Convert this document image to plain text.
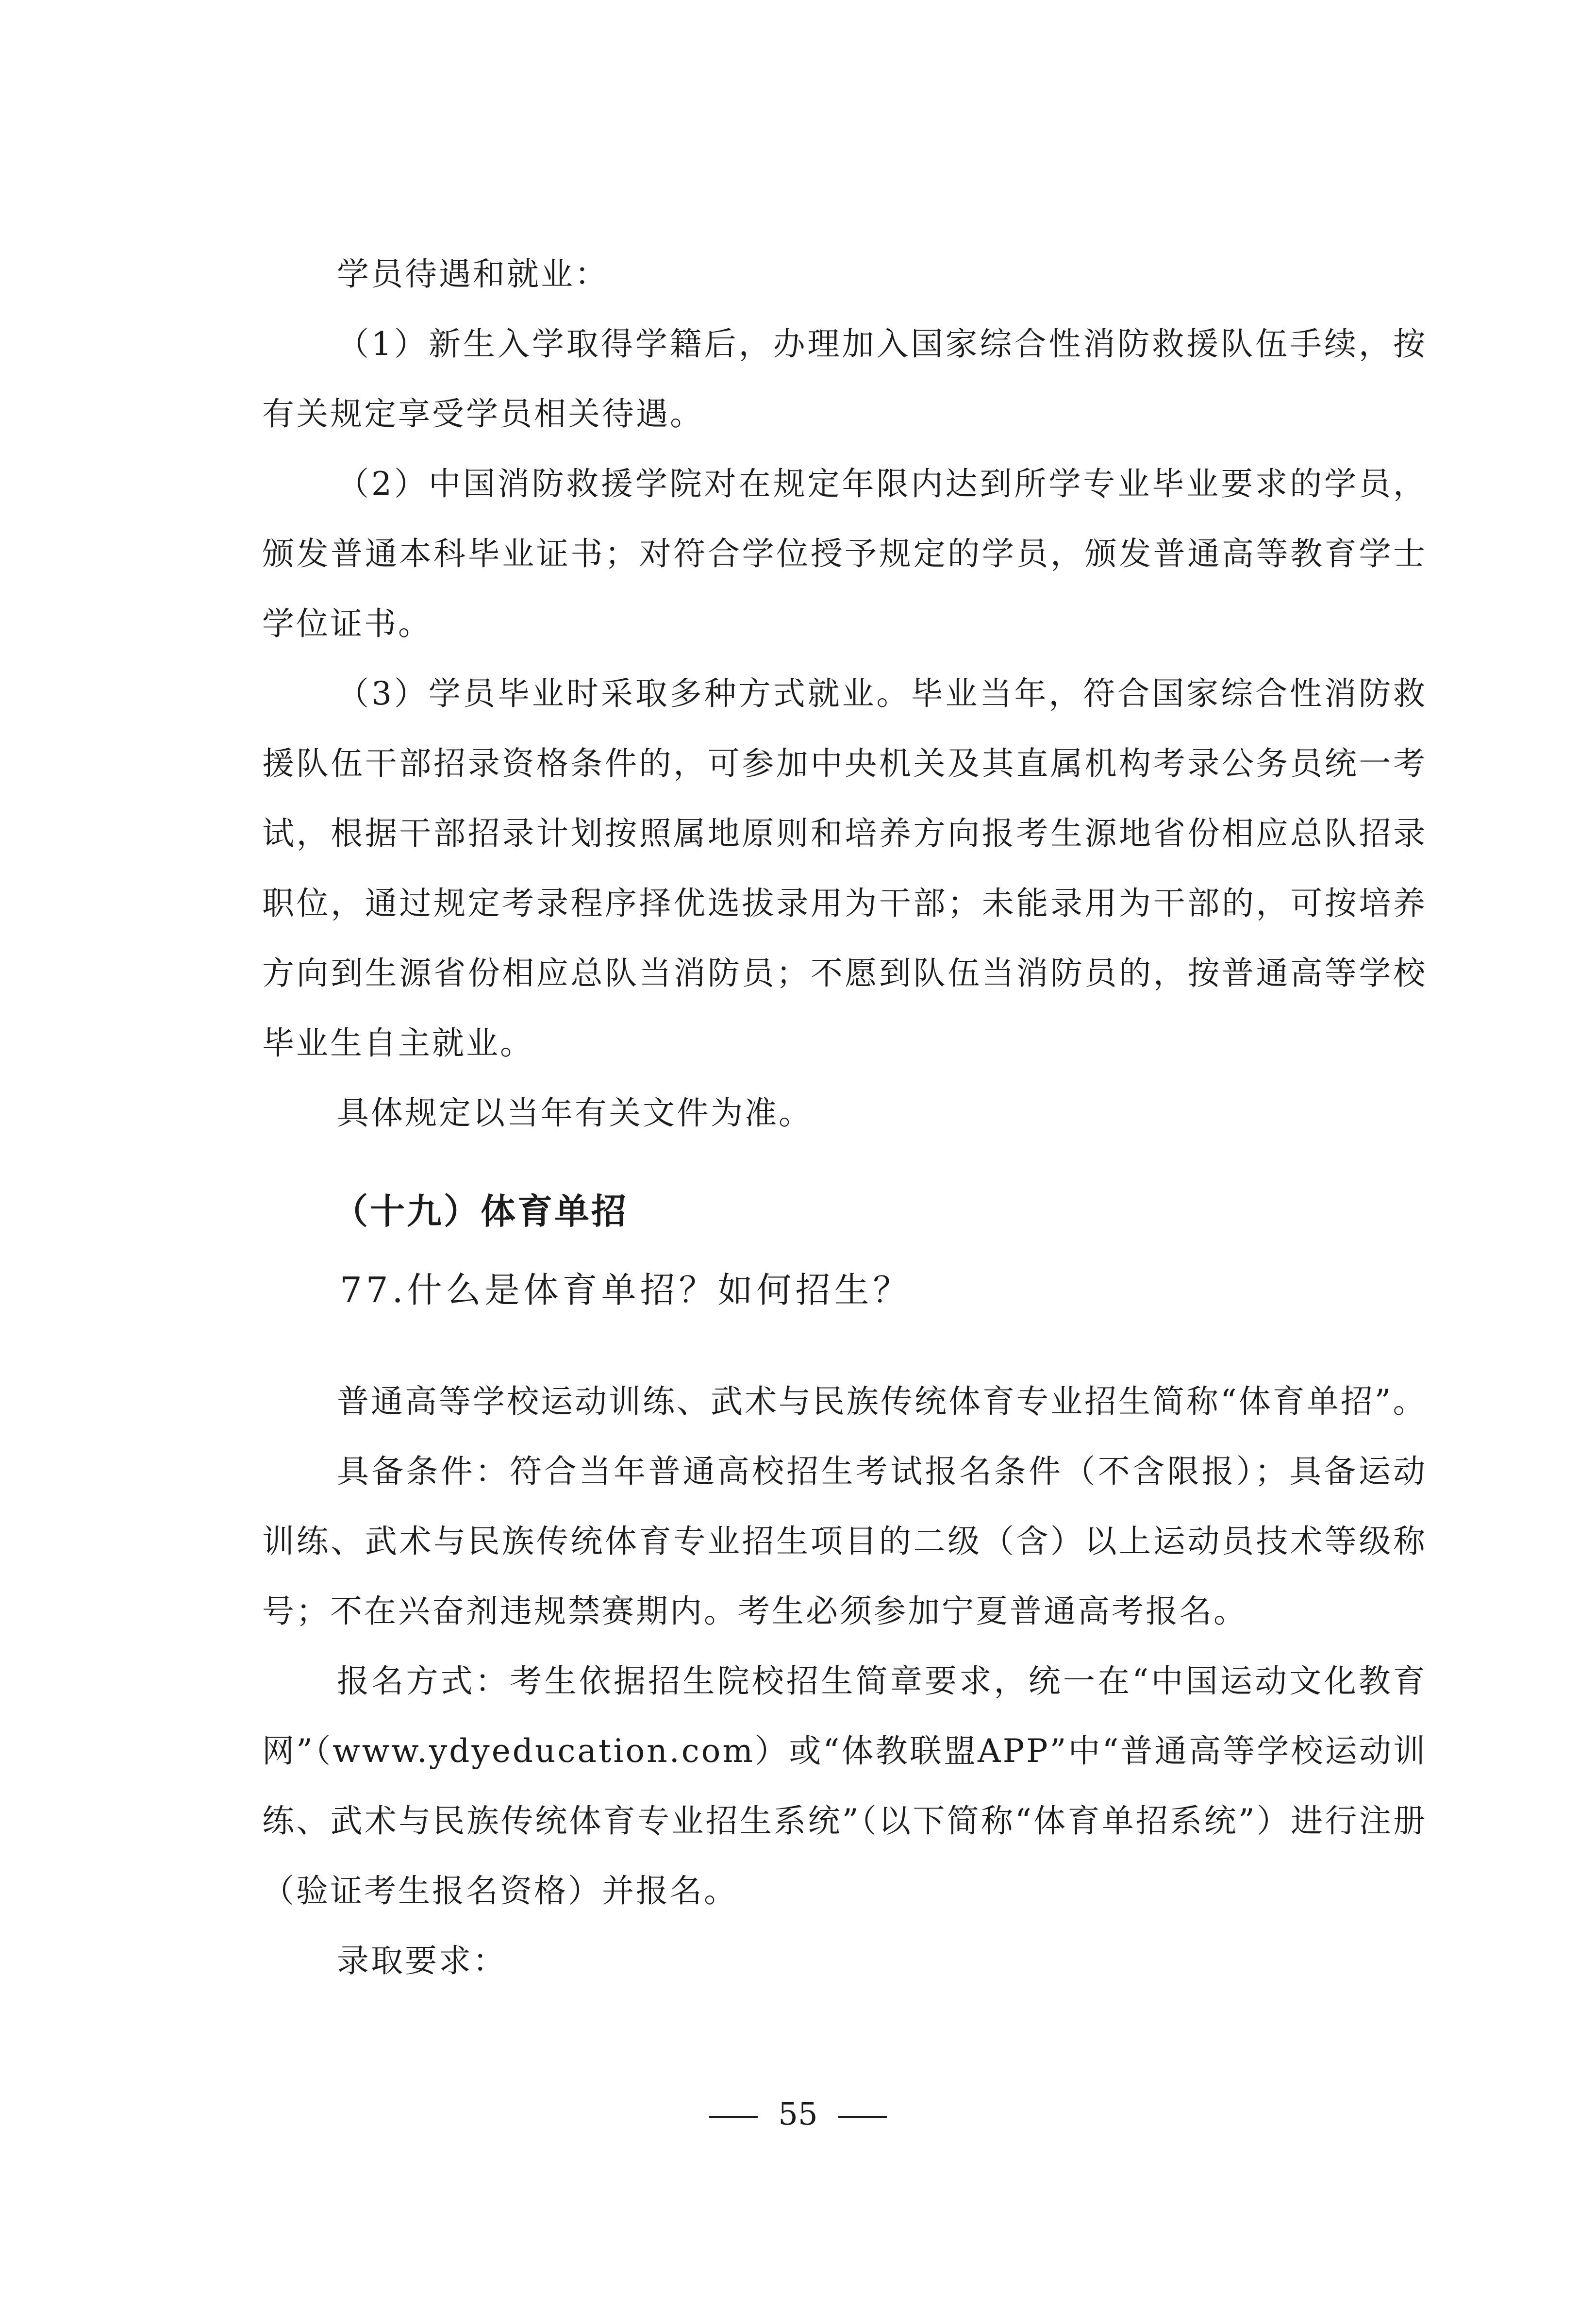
学员待遇和就业：

（1）新生入学取得学籍后，办理加入国家综合性消防救援队伍手续，按有关规定享受学员相关待遇。

（2）中国消防救援学院对在规定年限内达到所学专业毕业要求的学员，颁发普通本科毕业证书；对符合学位授予规定的学员，颁发普通高等教育学士学位证书。

（3）学员毕业时采取多种方式就业。毕业当年，符合国家综合性消防救援队伍干部招录资格条件的，可参加中央机关及其直属机构考录公务员统一考试，根据干部招录计划按照属地原则和培养方向报考生源地省份相应总队招录职位，通过规定考录程序择优选拔录用为干部；未能录用为干部的，可按培养方向到生源省份相应总队当消防员；不愿到队伍当消防员的，按普通高等学校毕业生自主就业。

具体规定以当年有关文件为准。

（十九）体育单招
77.什么是体育单招？如何招生？

普通高等学校运动训练、武术与民族传统体育专业招生简称“体育单招”。

具备条件：符合当年普通高校招生考试报名条件（不含限报）；具备运动训练、武术与民族传统体育专业招生项目的二级（含）以上运动员技术等级称号；不在兴奋剂违规禁赛期内。考生必须参加宁夏普通高考报名。

报名方式：考生依据招生院校招生简章要求，统一在“中国运动文化教育网”（www.ydyeducation.com）或“体教联盟APP”中“普通高等学校运动训练、武术与民族传统体育专业招生系统”（以下简称“体育单招系统”）进行注册（验证考生报名资格）并报名。

录取要求：

55
